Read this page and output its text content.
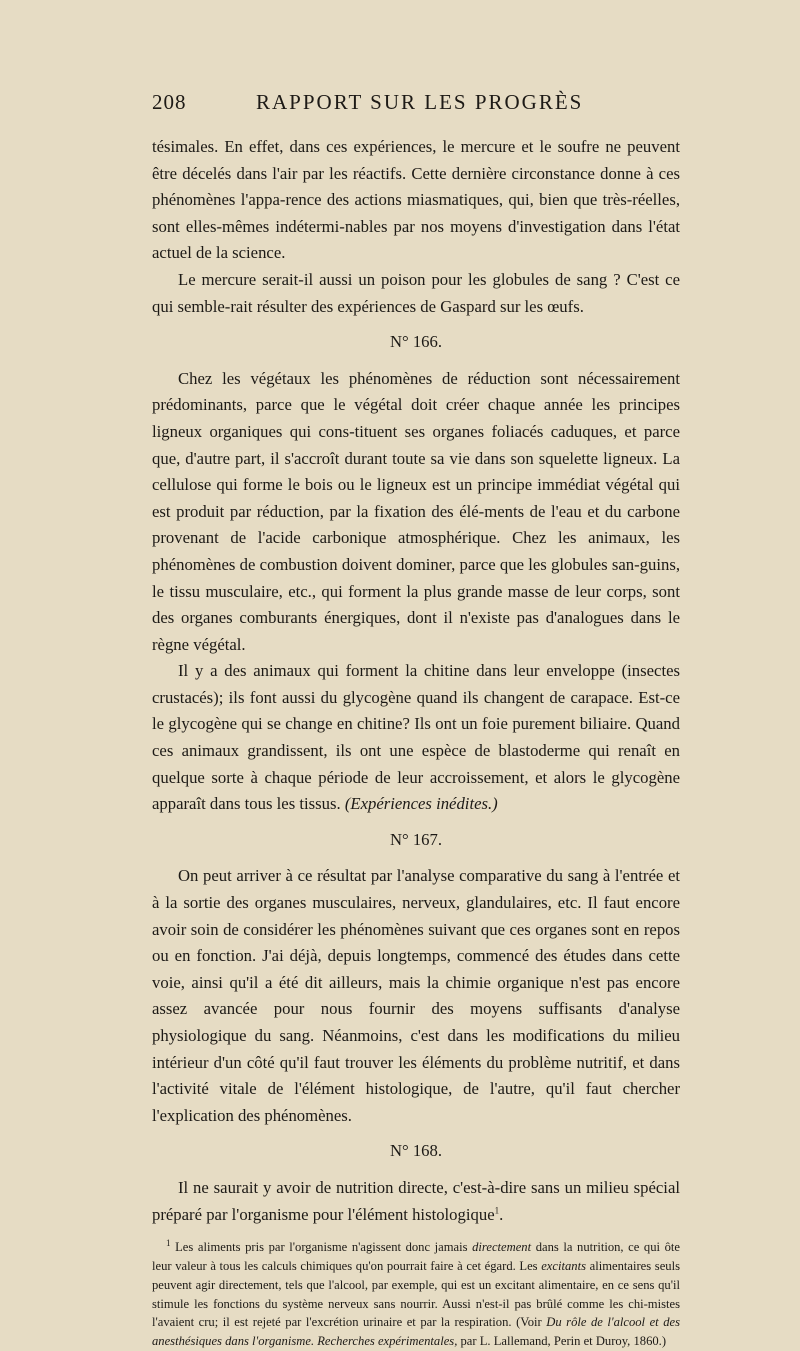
208	RAPPORT SUR LES PROGRÈS

tésimales. En effet, dans ces expériences, le mercure et le soufre ne peuvent être décelés dans l'air par les réactifs. Cette dernière circonstance donne à ces phénomènes l'appa-rence des actions miasmatiques, qui, bien que très-réelles, sont elles-mêmes indétermi-nables par nos moyens d'investigation dans l'état actuel de la science.

Le mercure serait-il aussi un poison pour les globules de sang ? C'est ce qui semble-rait résulter des expériences de Gaspard sur les œufs.

N° 166.

Chez les végétaux les phénomènes de réduction sont nécessairement prédominants, parce que le végétal doit créer chaque année les principes ligneux organiques qui cons-tituent ses organes foliacés caduques, et parce que, d'autre part, il s'accroît durant toute sa vie dans son squelette ligneux. La cellulose qui forme le bois ou le ligneux est un principe immédiat végétal qui est produit par réduction, par la fixation des élé-ments de l'eau et du carbone provenant de l'acide carbonique atmosphérique. Chez les animaux, les phénomènes de combustion doivent dominer, parce que les globules san-guins, le tissu musculaire, etc., qui forment la plus grande masse de leur corps, sont des organes comburants énergiques, dont il n'existe pas d'analogues dans le règne végétal.

Il y a des animaux qui forment la chitine dans leur enveloppe (insectes crustacés); ils font aussi du glycogène quand ils changent de carapace. Est-ce le glycogène qui se change en chitine? Ils ont un foie purement biliaire. Quand ces animaux grandissent, ils ont une espèce de blastoderme qui renaît en quelque sorte à chaque période de leur accroissement, et alors le glycogène apparaît dans tous les tissus. (Expériences inédites.)

N° 167.

On peut arriver à ce résultat par l'analyse comparative du sang à l'entrée et à la sortie des organes musculaires, nerveux, glandulaires, etc. Il faut encore avoir soin de considérer les phénomènes suivant que ces organes sont en repos ou en fonction. J'ai déjà, depuis longtemps, commencé des études dans cette voie, ainsi qu'il a été dit ailleurs, mais la chimie organique n'est pas encore assez avancée pour nous fournir des moyens suffisants d'analyse physiologique du sang. Néanmoins, c'est dans les modifications du milieu intérieur d'un côté qu'il faut trouver les éléments du problème nutritif, et dans l'activité vitale de l'élément histologique, de l'autre, qu'il faut chercher l'explication des phénomènes.

N° 168.

Il ne saurait y avoir de nutrition directe, c'est-à-dire sans un milieu spécial préparé par l'organisme pour l'élément histologique$^1$.

$^1$ Les aliments pris par l'organisme n'agissent donc jamais directement dans la nutrition, ce qui ôte leur valeur à tous les calculs chimiques qu'on pourrait faire à cet égard. Les excitants alimentaires seuls peuvent agir directement, tels que l'alcool, par exemple, qui est un excitant alimentaire, en ce sens qu'il stimule les fonctions du système nerveux sans nourrir. Aussi n'est-il pas brûlé comme les chi-mistes l'avaient cru; il est rejeté par l'excrétion urinaire et par la respiration. (Voir Du rôle de l'alcool et des anesthésiques dans l'organisme. Recherches expérimentales, par L. Lallemand, Perin et Duroy, 1860.)
